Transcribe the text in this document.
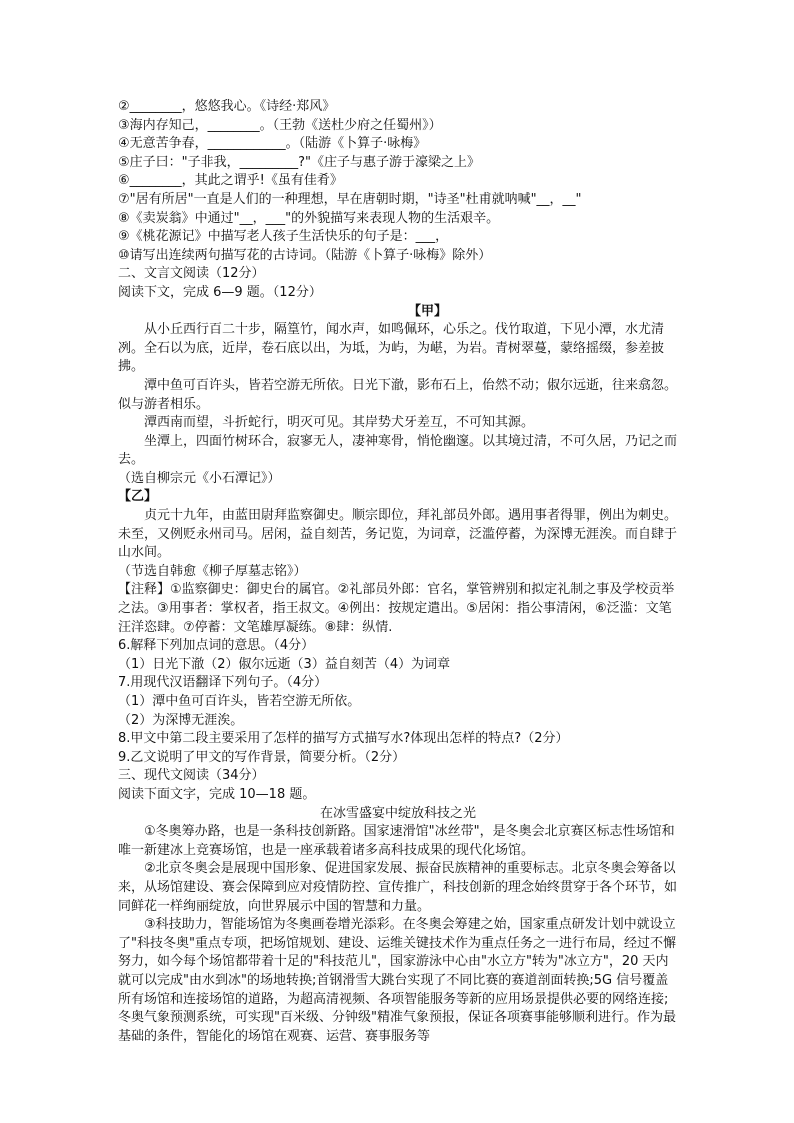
②________，悠悠我心。《诗经·郑风》
③海内存知己，________。（王勃《送杜少府之任蜀州》）
④无意苦争春，____________。（陆游《卜算子·咏梅》
⑤庄子曰："子非我，_________?"《庄子与惠子游于濠梁之上》
⑥________，其此之谓乎!《虽有佳肴》
⑦"居有所居"一直是人们的一种理想，早在唐朝时期，"诗圣"杜甫就呐喊"__，__"
⑧《卖炭翁》中通过"__，___"的外貌描写来表现人物的生活艰辛。
⑨《桃花源记》中描写老人孩子生活快乐的句子是：___，
⑩请写出连续两句描写花的古诗词。（陆游《卜算子·咏梅》除外）
二、文言文阅读（12分）
阅读下文，完成 6—9 题。（12分）
【甲】
从小丘西行百二十步，隔篁竹，闻水声，如鸣佩环，心乐之。伐竹取道，下见小潭，水尤清冽。全石以为底，近岸，卷石底以出，为坻，为屿，为嵁，为岩。青树翠蔓，蒙络摇缀，参差披拂。
潭中鱼可百许头，皆若空游无所依。日光下澈，影布石上，佁然不动；俶尔远逝，往来翕忽。似与游者相乐。
潭西南而望，斗折蛇行，明灭可见。其岸势犬牙差互，不可知其源。
坐潭上，四面竹树环合，寂寥无人，凄神寒骨，悄怆幽邃。以其境过清，不可久居，乃记之而去。
（选自柳宗元《小石潭记》）
【乙】
贞元十九年，由蓝田尉拜监察御史。顺宗即位，拜礼部员外郎。遇用事者得罪，例出为刺史。未至，又例贬永州司马。居闲，益自刻苦，务记览，为词章，泛滥停蓄，为深博无涯涘。而自肆于山水间。
（节选自韩愈《柳子厚墓志铭》）
【注释】①监察御史：御史台的属官。②礼部员外郎：官名，掌管辨别和拟定礼制之事及学校贡举之法。③用事者：掌权者，指王叔文。④例出：按规定遣出。⑤居闲：指公事清闲，⑥泛滥：文笔汪洋恣肆。⑦停蓄：文笔雄厚凝练。⑧肆：纵情.
6.解释下列加点词的意思。（4分）
（1）日光下澈（2）俶尔远逝（3）益自刻苦（4）为词章
7.用现代汉语翻译下列句子。（4分）
（1）潭中鱼可百许头，皆若空游无所依。
（2）为深博无涯涘。
8.甲文中第二段主要采用了怎样的描写方式描写水?体现出怎样的特点?（2分）
9.乙文说明了甲文的写作背景，简要分析。（2分）
三、现代文阅读（34分）
阅读下面文字，完成 10—18 题。
在冰雪盛宴中绽放科技之光
①冬奥筹办路，也是一条科技创新路。国家速滑馆"冰丝带"，是冬奥会北京赛区标志性场馆和唯一新建冰上竞赛场馆，也是一座承载着诸多高科技成果的现代化场馆。
②北京冬奥会是展现中国形象、促进国家发展、振奋民族精神的重要标志。北京冬奥会筹备以来，从场馆建设、赛会保障到应对疫情防控、宣传推广，科技创新的理念始终贯穿于各个环节，如同鲜花一样绚丽绽放，向世界展示中国的智慧和力量。
③科技助力，智能场馆为冬奥画卷增光添彩。在冬奥会筹建之始，国家重点研发计划中就设立了"科技冬奥"重点专项，把场馆规划、建设、运维关键技术作为重点任务之一进行布局，经过不懈努力，如今每个场馆都带着十足的"科技范儿"，国家游泳中心由"水立方"转为"冰立方"，20 天内就可以完成"由水到冰"的场地转换;首钢滑雪大跳台实现了不同比赛的赛道剖面转换;5G 信号覆盖所有场馆和连接场馆的道路，为超高清视频、各项智能服务等新的应用场景提供必要的网络连接;冬奥气象预测系统，可实现"百米级、分钟级"精准气象预报，保证各项赛事能够顺利进行。作为最基础的条件，智能化的场馆在观赛、运营、赛事服务等
